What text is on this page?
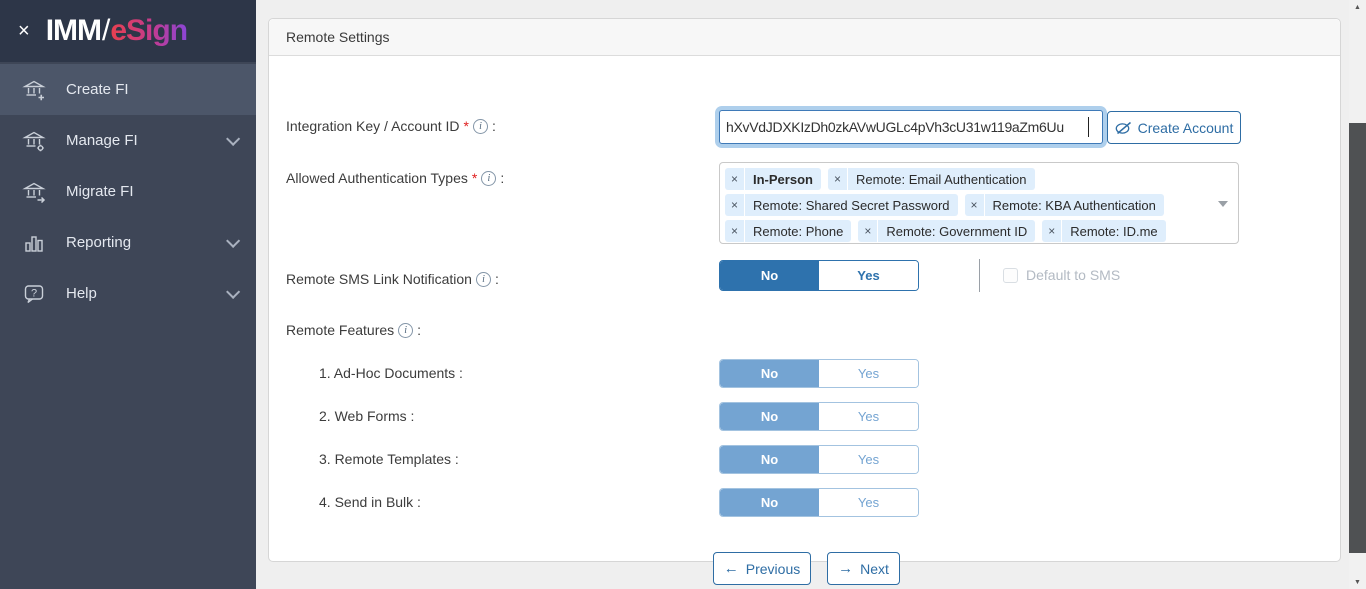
× IMM/eSign
Create FI
Manage FI
Migrate FI
Reporting
? Help
Remote Settings
Integration Key / Account ID * i :
hXvVdJDXKIzDh0zkAVwUGLc4pVh3cU31w119aZm6Uu	Create Account
Allowed Authentication Types * i :	×	In-Person	×	Remote: Email Authentication
×	Remote: Shared Secret Password	×	Remote: KBA Authentication
×	Remote: Phone	×	Remote: Government ID	×	Remote: ID.me
Remote SMS Link Notification i :	No	Yes	Default to SMS
Remote Features i :
1. Ad-Hoc Documents :	No	Yes
2. Web Forms :	No	Yes
3. Remote Templates :	No	Yes
4. Send in Bulk :	No	Yes
← Previous	→ Next
▲
▼
